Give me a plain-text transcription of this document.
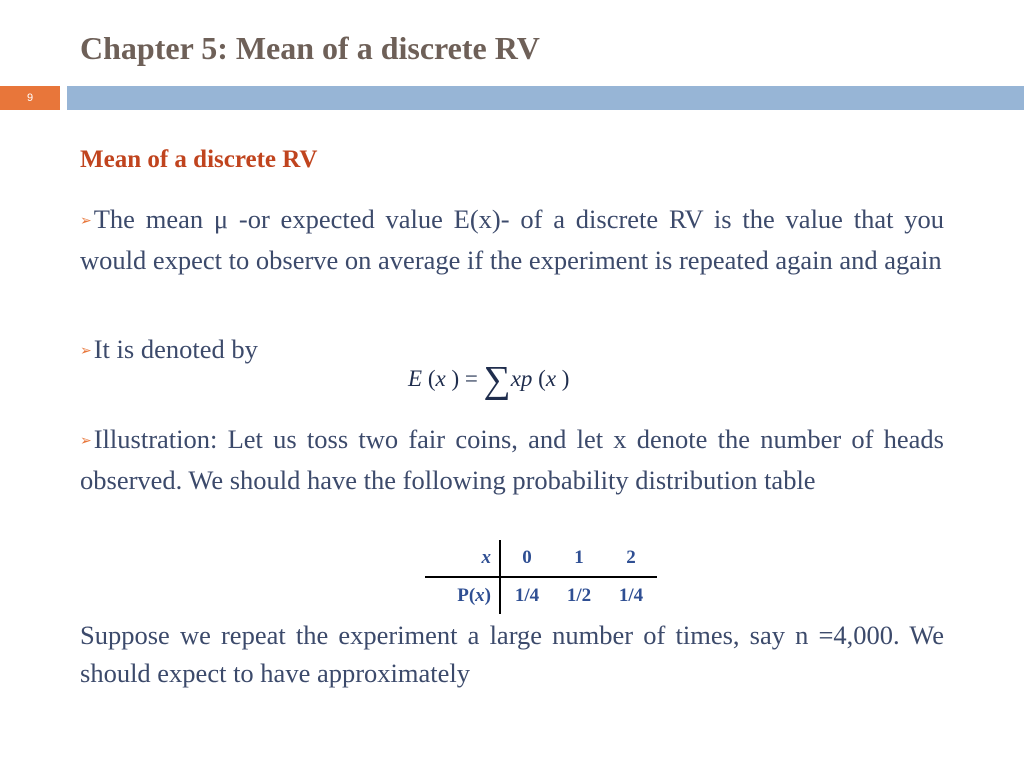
Chapter 5: Mean of a discrete RV
9
Mean of a discrete RV
➢The mean μ -or expected value E(x)- of a discrete RV is the value that you would expect to observe on average if the experiment is repeated again and again
➢It is denoted by
E (x ) = ∑xp (x )
➢Illustration: Let us toss two fair coins, and let x denote the number of heads observed. We should have the following probability distribution table
x	0	1	2
P(x)	1/4	1/2	1/4
Suppose we repeat the experiment a large number of times, say n =4,000. We should expect to have approximately
